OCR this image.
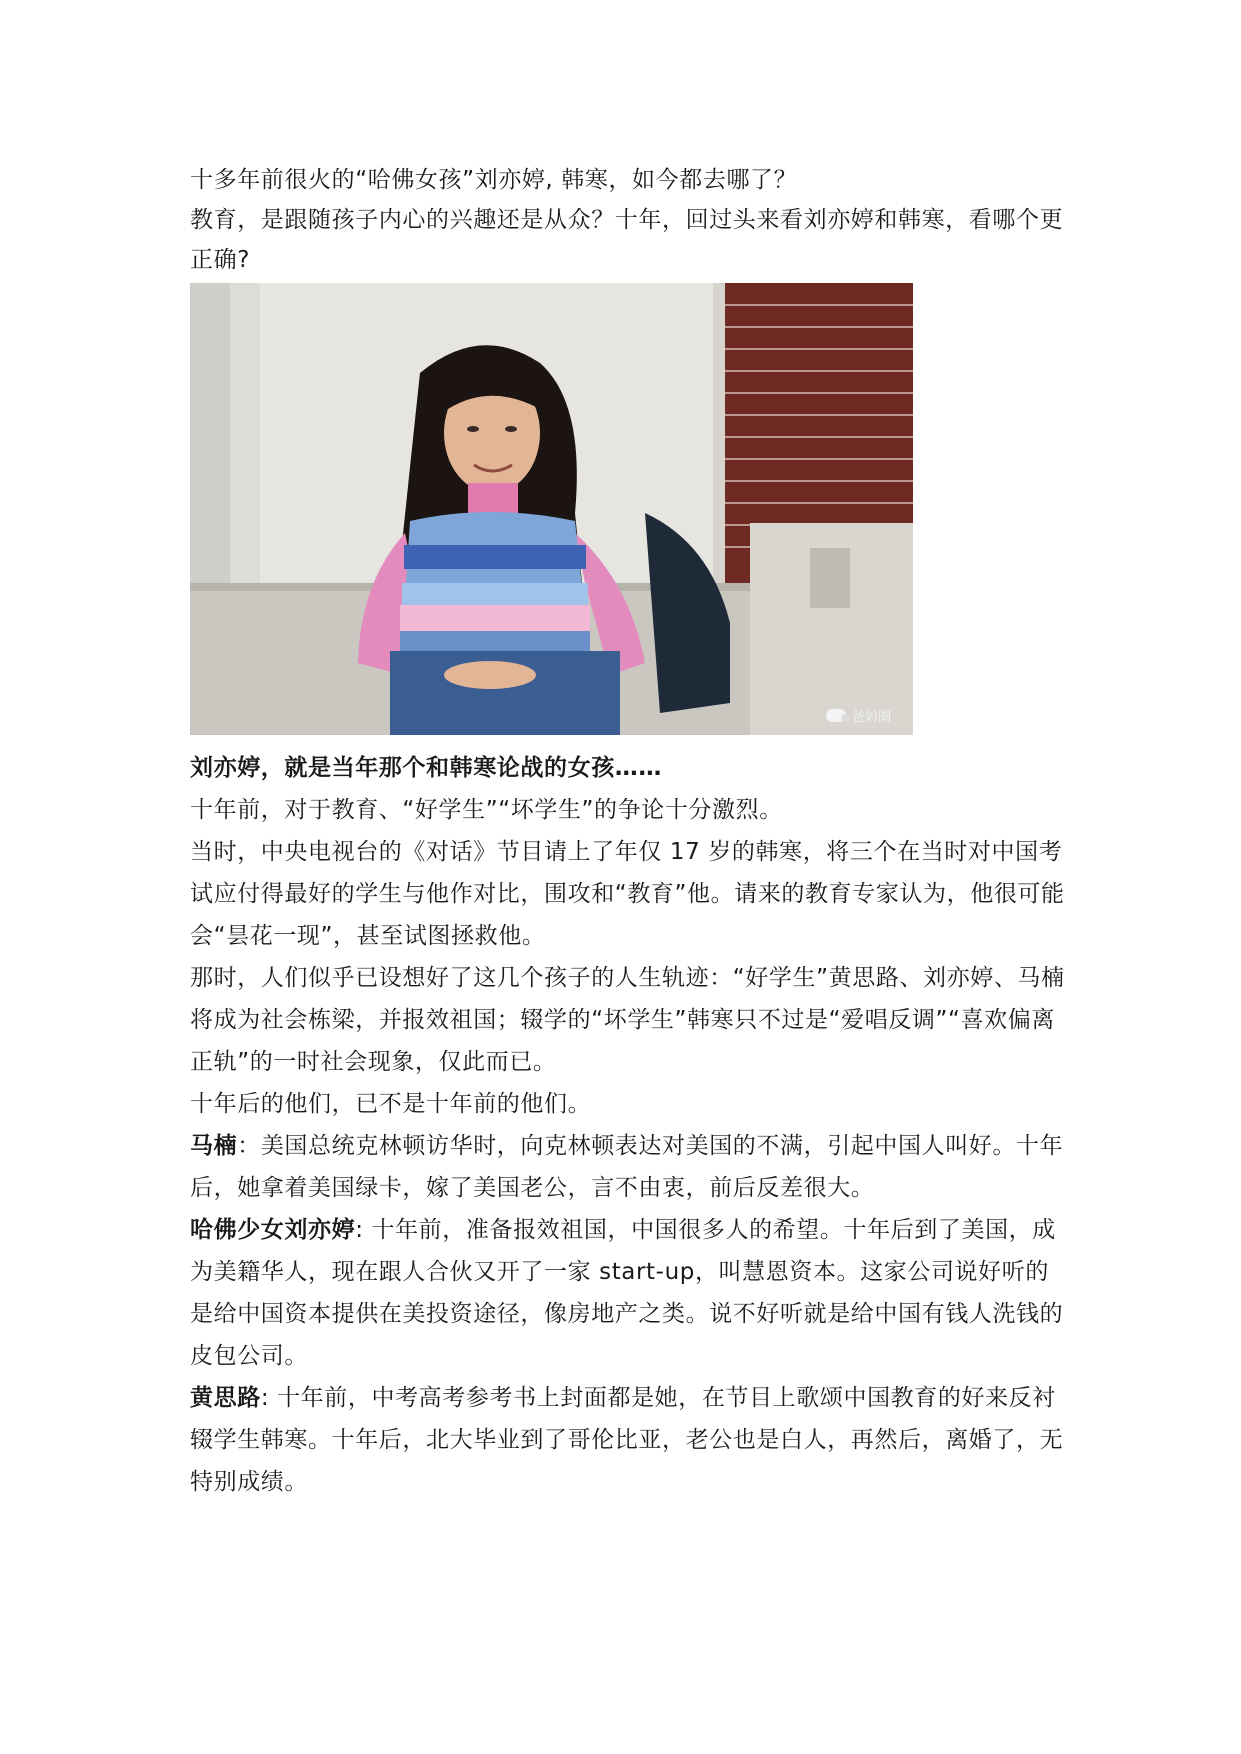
十多年前很火的“哈佛女孩”刘亦婷, 韩寒，如今都去哪了？

教育，是跟随孩子内心的兴趣还是从众？十年，回过头来看刘亦婷和韩寒，看哪个更正确?

爸妈圈

刘亦婷，就是当年那个和韩寒论战的女孩……

十年前，对于教育、“好学生”“坏学生”的争论十分激烈。

当时，中央电视台的《对话》节目请上了年仅 17 岁的韩寒，将三个在当时对中国考试应付得最好的学生与他作对比，围攻和“教育”他。请来的教育专家认为，他很可能会“昙花一现”，甚至试图拯救他。

那时，人们似乎已设想好了这几个孩子的人生轨迹：“好学生”黄思路、刘亦婷、马楠将成为社会栋梁，并报效祖国；辍学的“坏学生”韩寒只不过是“爱唱反调”“喜欢偏离正轨”的一时社会现象，仅此而已。

十年后的他们，已不是十年前的他们。

马楠：美国总统克林顿访华时，向克林顿表达对美国的不满，引起中国人叫好。十年后，她拿着美国绿卡，嫁了美国老公，言不由衷，前后反差很大。

哈佛少女刘亦婷: 十年前，准备报效祖国，中国很多人的希望。十年后到了美国，成为美籍华人，现在跟人合伙又开了一家 start-up，叫慧恩资本。这家公司说好听的是给中国资本提供在美投资途径，像房地产之类。说不好听就是给中国有钱人洗钱的皮包公司。

黄思路: 十年前，中考高考参考书上封面都是她，在节目上歌颂中国教育的好来反衬辍学生韩寒。十年后，北大毕业到了哥伦比亚，老公也是白人，再然后，离婚了，无特别成绩。
